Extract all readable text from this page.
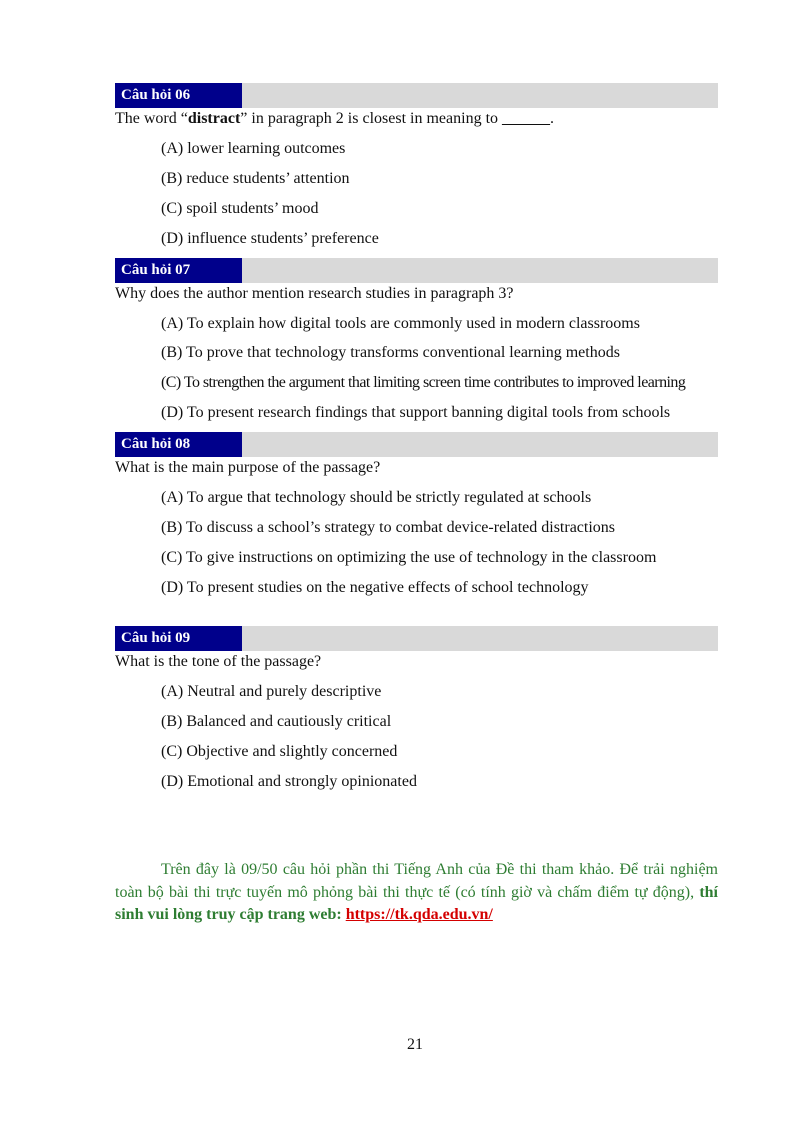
Câu hỏi 06
The word “distract” in paragraph 2 is closest in meaning to ______.
(A) lower learning outcomes
(B) reduce students’ attention
(C) spoil students’ mood
(D) influence students’ preference
Câu hỏi 07
Why does the author mention research studies in paragraph 3?
(A) To explain how digital tools are commonly used in modern classrooms
(B) To prove that technology transforms conventional learning methods
(C) To strengthen the argument that limiting screen time contributes to improved learning
(D) To present research findings that support banning digital tools from schools
Câu hỏi 08
What is the main purpose of the passage?
(A) To argue that technology should be strictly regulated at schools
(B) To discuss a school’s strategy to combat device-related distractions
(C) To give instructions on optimizing the use of technology in the classroom
(D) To present studies on the negative effects of school technology
Câu hỏi 09
What is the tone of the passage?
(A) Neutral and purely descriptive
(B) Balanced and cautiously critical
(C) Objective and slightly concerned
(D) Emotional and strongly opinionated
Trên đây là 09/50 câu hỏi phần thi Tiếng Anh của Đề thi tham khảo. Để trải nghiệm toàn bộ bài thi trực tuyến mô phỏng bài thi thực tế (có tính giờ và chấm điểm tự động), thí sinh vui lòng truy cập trang web: https://tk.qda.edu.vn/
21
